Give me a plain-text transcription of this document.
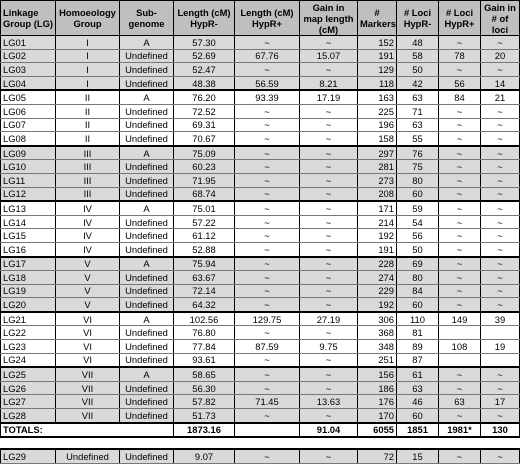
Linkage Group (LG)	Homoeology Group	Sub-genome	Length (cM) HypR-	Length (cM) HypR+	Gain in map length (cM)	# Markers	# Loci HypR-	# Loci HypR+	Gain in # of loci
LG01	I	A	57.30	~	~	152	48	~	~
LG02	I	Undefined	52.69	67.76	15.07	191	58	78	20
LG03	I	Undefined	52.47	~	~	129	50	~	~
LG04	I	Undefined	48.38	56.59	8.21	118	42	56	14
LG05	II	A	76.20	93.39	17.19	163	63	84	21
LG06	II	Undefined	72.52	~	~	225	71	~	~
LG07	II	Undefined	69.31	~	~	196	63	~	~
LG08	II	Undefined	70.67	~	~	158	55	~	~
LG09	III	A	75.09	~	~	297	76	~	~
LG10	III	Undefined	60.23	~	~	281	75	~	~
LG11	III	Undefined	71.95	~	~	273	80	~	~
LG12	III	Undefined	68.74	~	~	208	60	~	~
LG13	IV	A	75.01	~	~	171	59	~	~
LG14	IV	Undefined	57.22	~	~	214	54	~	~
LG15	IV	Undefined	61.12	~	~	192	56	~	~
LG16	IV	Undefined	52.88	~	~	191	50	~	~
LG17	V	A	75.94	~	~	228	69	~	~
LG18	V	Undefined	63.67	~	~	274	80	~	~
LG19	V	Undefined	72.14	~	~	229	84	~	~
LG20	V	Undefined	64.32	~	~	192	60	~	~
LG21	VI	A	102.56	129.75	27.19	306	110	149	39
LG22	VI	Undefined	76.80	~	~	368	81		
LG23	VI	Undefined	77.84	87.59	9.75	348	89	108	19
LG24	VI	Undefined	93.61	~	~	251	87		
LG25	VII	A	58.65	~	~	156	61	~	~
LG26	VII	Undefined	56.30	~	~	186	63	~	~
LG27	VII	Undefined	57.82	71.45	13.63	176	46	63	17
LG28	VII	Undefined	51.73	~	~	170	60	~	~
TOTALS:			1873.16		91.04	6055	1851	1981*	130

LG29	Undefined	Undefined	9.07	~	~	72	15	~	~
